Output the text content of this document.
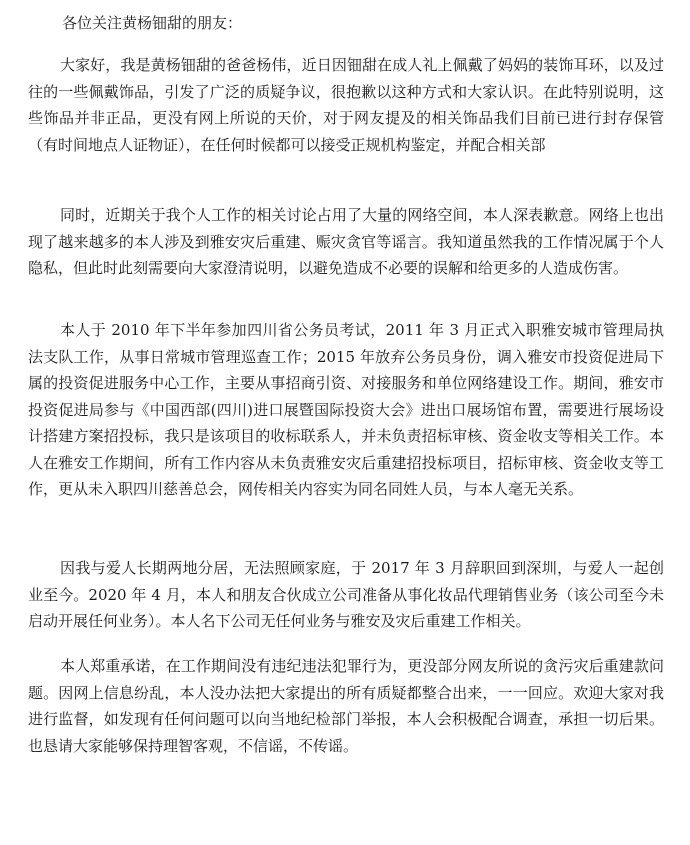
各位关注黄杨钿甜的朋友：

大家好，我是黄杨钿甜的爸爸杨伟，近日因钿甜在成人礼上佩戴了妈妈的装饰耳环，以及过往的一些佩戴饰品，引发了广泛的质疑争议，很抱歉以这种方式和大家认识。在此特别说明，这些饰品并非正品，更没有网上所说的天价，对于网友提及的相关饰品我们目前已进行封存保管（有时间地点人证物证），在任何时候都可以接受正规机构鉴定，并配合相关部

同时，近期关于我个人工作的相关讨论占用了大量的网络空间，本人深表歉意。网络上也出现了越来越多的本人涉及到雅安灾后重建、赈灾贪官等谣言。我知道虽然我的工作情况属于个人隐私，但此时此刻需要向大家澄清说明，以避免造成不必要的误解和给更多的人造成伤害。

本人于 2010 年下半年参加四川省公务员考试，2011 年 3 月正式入职雅安城市管理局执法支队工作，从事日常城市管理巡查工作；2015 年放弃公务员身份，调入雅安市投资促进局下属的投资促进服务中心工作，主要从事招商引资、对接服务和单位网络建设工作。期间，雅安市投资促进局参与《中国西部(四川)进口展暨国际投资大会》进出口展场馆布置，需要进行展场设计搭建方案招投标，我只是该项目的收标联系人，并未负责招标审核、资金收支等相关工作。本人在雅安工作期间，所有工作内容从未负责雅安灾后重建招投标项目，招标审核、资金收支等工作，更从未入职四川慈善总会，网传相关内容实为同名同姓人员，与本人毫无关系。

因我与爱人长期两地分居，无法照顾家庭，于 2017 年 3 月辞职回到深圳，与爱人一起创业至今。2020 年 4 月，本人和朋友合伙成立公司准备从事化妆品代理销售业务（该公司至今未启动开展任何业务）。本人名下公司无任何业务与雅安及灾后重建工作相关。

本人郑重承诺，在工作期间没有违纪违法犯罪行为，更没部分网友所说的贪污灾后重建款问题。因网上信息纷乱，本人没办法把大家提出的所有质疑都整合出来，一一回应。欢迎大家对我进行监督，如发现有任何问题可以向当地纪检部门举报，本人会积极配合调查，承担一切后果。也恳请大家能够保持理智客观，不信谣，不传谣。
